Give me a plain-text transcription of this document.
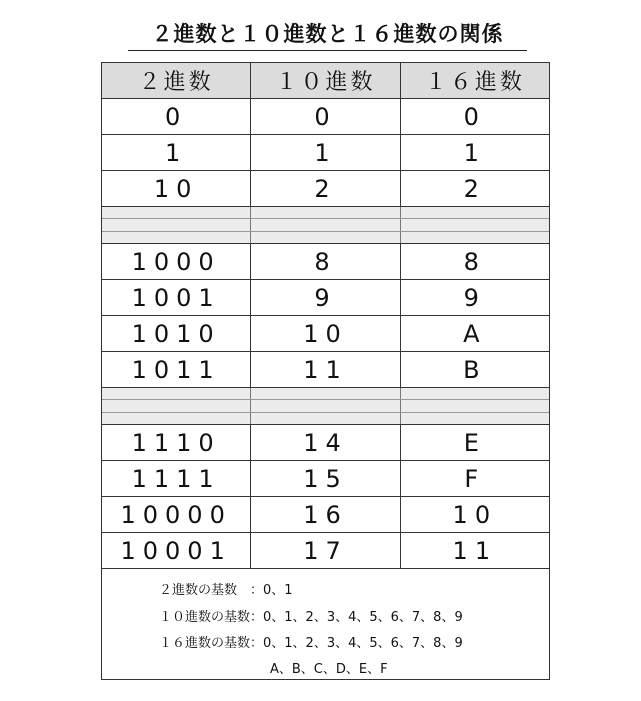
２進数と１０進数と１６進数の関係
２進数	１０進数	１６進数
0	0	0
1	1	1
10	2	2
1000	8	8
1001	9	9
1010	10	A
1011	11	B
1110	14	E
1111	15	F
10000	16	10
10001	17	11
２進数の基数　：0、1
１０進数の基数：0、1、2、3、4、5、6、7、8、9
１６進数の基数：0、1、2、3、4、5、6、7、8、9
A、B、C、D、E、F
